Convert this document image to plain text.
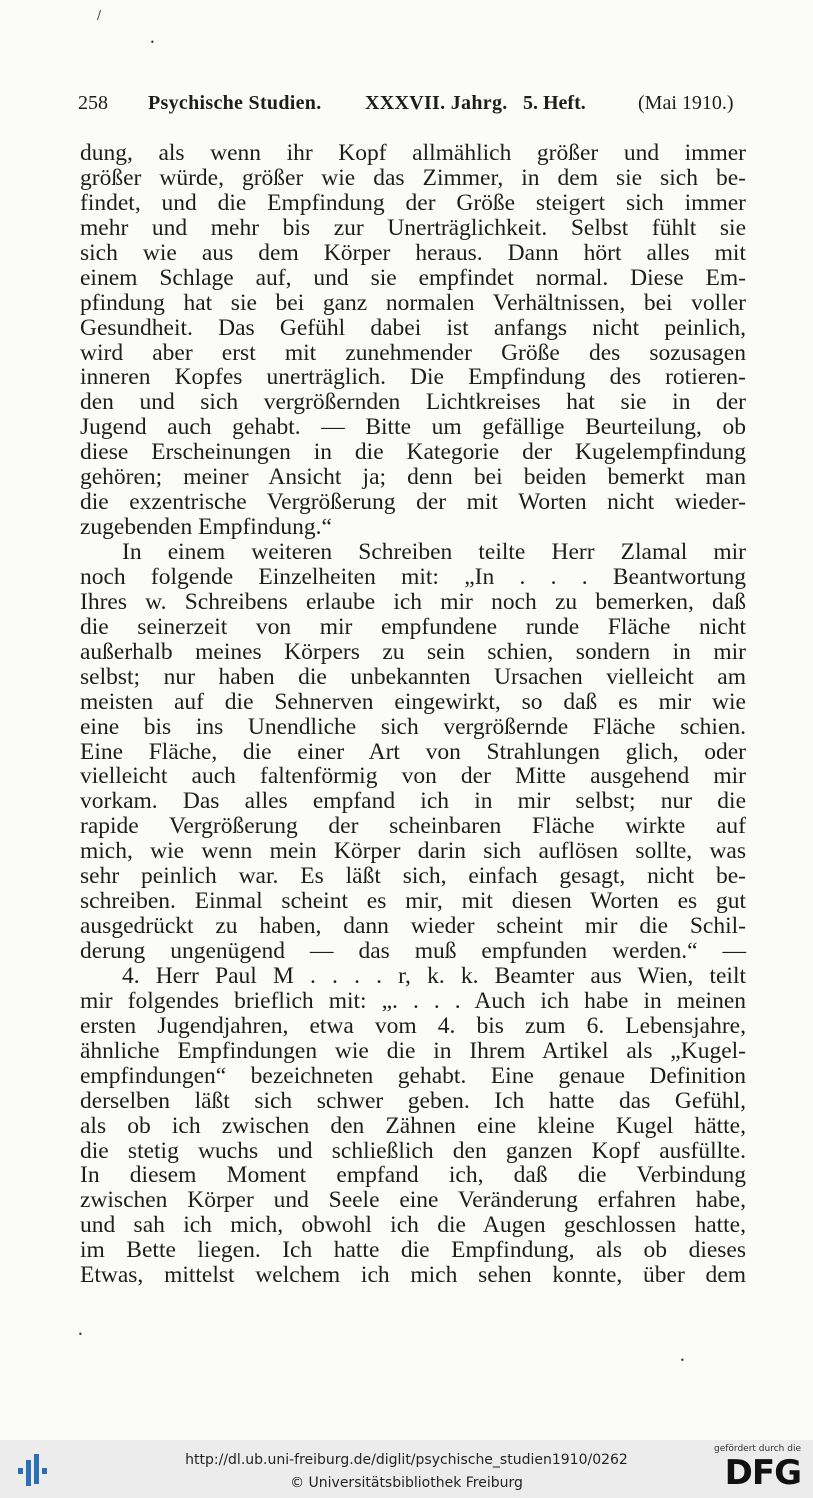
/
•
258 Psychische Studien. XXXVII. Jahrg. 5. Heft.	(Mai 1910.)
dung, als wenn ihr Kopf allmählich größer und immer
größer würde, größer wie das Zimmer, in dem sie sich be-
findet, und die Empfindung der Größe steigert sich immer
mehr und mehr bis zur Unerträglichkeit. Selbst fühlt sie
sich wie aus dem Körper heraus. Dann hört alles mit
einem Schlage auf, und sie empfindet normal. Diese Em-
pfindung hat sie bei ganz normalen Verhältnissen, bei voller
Gesundheit. Das Gefühl dabei ist anfangs nicht peinlich,
wird aber erst mit zunehmender Größe des sozusagen
inneren Kopfes unerträglich. Die Empfindung des rotieren-
den und sich vergrößernden Lichtkreises hat sie in der
Jugend auch gehabt. — Bitte um gefällige Beurteilung, ob
diese Erscheinungen in die Kategorie der Kugelempfindung
gehören; meiner Ansicht ja; denn bei beiden bemerkt man
die exzentrische Vergrößerung der mit Worten nicht wieder-
zugebenden Empfindung.“
In einem weiteren Schreiben teilte Herr Zlamal mir
noch folgende Einzelheiten mit: „In . . . Beantwortung
Ihres w. Schreibens erlaube ich mir noch zu bemerken, daß
die seinerzeit von mir empfundene runde Fläche nicht
außerhalb meines Körpers zu sein schien, sondern in mir
selbst; nur haben die unbekannten Ursachen vielleicht am
meisten auf die Sehnerven eingewirkt, so daß es mir wie
eine bis ins Unendliche sich vergrößernde Fläche schien.
Eine Fläche, die einer Art von Strahlungen glich, oder
vielleicht auch faltenförmig von der Mitte ausgehend mir
vorkam. Das alles empfand ich in mir selbst; nur die
rapide Vergrößerung der scheinbaren Fläche wirkte auf
mich, wie wenn mein Körper darin sich auflösen sollte, was
sehr peinlich war. Es läßt sich, einfach gesagt, nicht be-
schreiben. Einmal scheint es mir, mit diesen Worten es gut
ausgedrückt zu haben, dann wieder scheint mir die Schil-
derung ungenügend — das muß empfunden werden.“ —
4. Herr Paul M . . . . r, k. k. Beamter aus Wien, teilt
mir folgendes brieflich mit: „. . . . Auch ich habe in meinen
ersten Jugendjahren, etwa vom 4. bis zum 6. Lebensjahre,
ähnliche Empfindungen wie die in Ihrem Artikel als „Kugel-
empfindungen“ bezeichneten gehabt. Eine genaue Definition
derselben läßt sich schwer geben. Ich hatte das Gefühl,
als ob ich zwischen den Zähnen eine kleine Kugel hätte,
die stetig wuchs und schließlich den ganzen Kopf ausfüllte.
In diesem Moment empfand ich, daß die Verbindung
zwischen Körper und Seele eine Veränderung erfahren habe,
und sah ich mich, obwohl ich die Augen geschlossen hatte,
im Bette liegen. Ich hatte die Empfindung, als ob dieses
Etwas, mittelst welchem ich mich sehen konnte, über dem
•
•
http://dl.ub.uni-freiburg.de/diglit/psychische_studien1910/0262
© Universitätsbibliothek Freiburg
gefördert durch die
DFG
